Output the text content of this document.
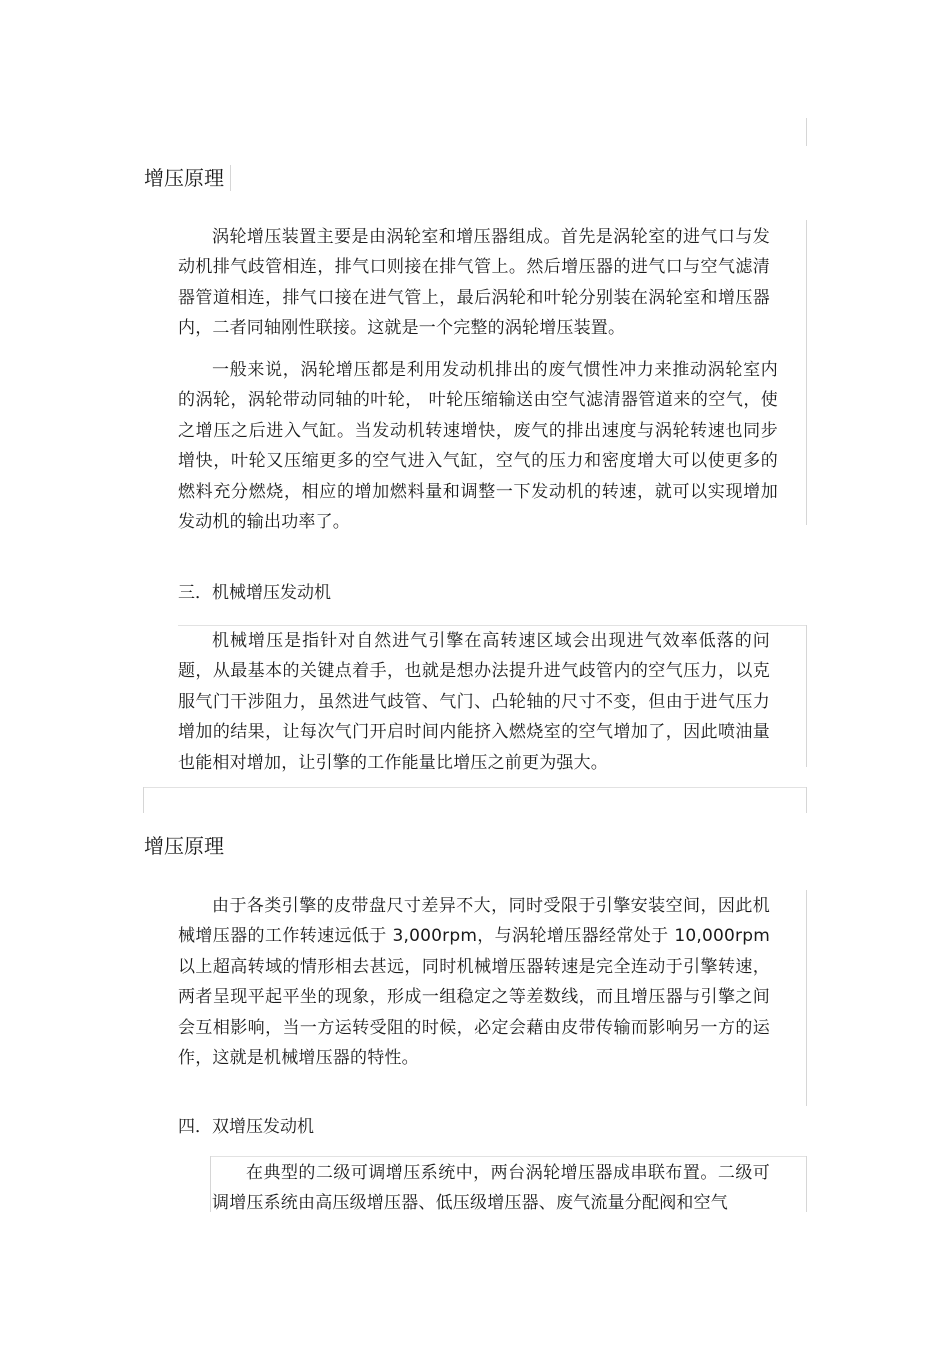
增压原理

涡轮增压装置主要是由涡轮室和增压器组成。首先是涡轮室的进气口与发动机排气歧管相连，排气口则接在排气管上。然后增压器的进气口与空气滤清器管道相连，排气口接在进气管上，最后涡轮和叶轮分别装在涡轮室和增压器内，二者同轴刚性联接。这就是一个完整的涡轮增压装置。

一般来说，涡轮增压都是利用发动机排出的废气惯性冲力来推动涡轮室内的涡轮，涡轮带动同轴的叶轮， 叶轮压缩输送由空气滤清器管道来的空气，使之增压之后进入气缸。当发动机转速增快，废气的排出速度与涡轮转速也同步增快，叶轮又压缩更多的空气进入气缸，空气的压力和密度增大可以使更多的燃料充分燃烧，相应的增加燃料量和调整一下发动机的转速，就可以实现增加发动机的输出功率了。

三．机械增压发动机

机械增压是指针对自然进气引擎在高转速区域会出现进气效率低落的问题，从最基本的关键点着手，也就是想办法提升进气歧管内的空气压力，以克服气门干涉阻力，虽然进气歧管、气门、凸轮轴的尺寸不变，但由于进气压力增加的结果，让每次气门开启时间内能挤入燃烧室的空气增加了，因此喷油量也能相对增加，让引擎的工作能量比增压之前更为强大。

增压原理

由于各类引擎的皮带盘尺寸差异不大，同时受限于引擎安装空间，因此机械增压器的工作转速远低于 3,000rpm，与涡轮增压器经常处于 10,000rpm以上超高转域的情形相去甚远，同时机械增压器转速是完全连动于引擎转速，两者呈现平起平坐的现象，形成一组稳定之等差数线，而且增压器与引擎之间会互相影响，当一方运转受阻的时候，必定会藉由皮带传输而影响另一方的运作，这就是机械增压器的特性。

四．双增压发动机

在典型的二级可调增压系统中，两台涡轮增压器成串联布置。二级可调增压系统由高压级增压器、低压级增压器、废气流量分配阀和空气
